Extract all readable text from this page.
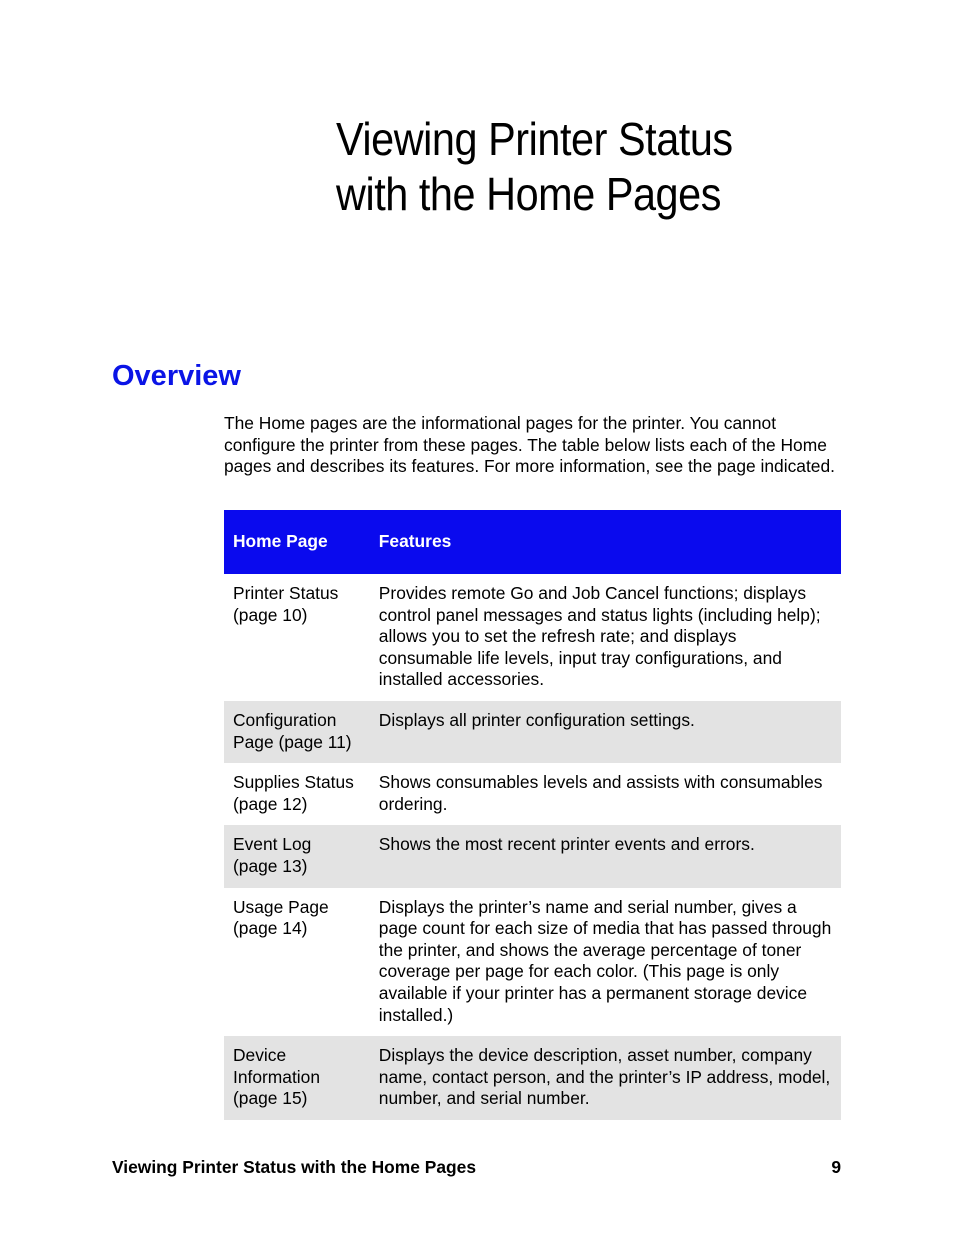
Viewing Printer Status
with the Home Pages
Overview

The Home pages are the informational pages for the printer. You cannot configure the printer from these pages. The table below lists each of the Home pages and describes its features. For more information, see the page indicated.

Home Page	Features

Printer Status
(page 10)	Provides remote Go and Job Cancel functions; displays control panel messages and status lights (including help); allows you to set the refresh rate; and displays consumable life levels, input tray configurations, and installed accessories.

Configuration
Page (page 11)	Displays all printer configuration settings.

Supplies Status
(page 12)	Shows consumables levels and assists with consumables ordering.

Event Log
(page 13)	Shows the most recent printer events and errors.

Usage Page
(page 14)	Displays the printer’s name and serial number, gives a page count for each size of media that has passed through the printer, and shows the average percentage of toner coverage per page for each color. (This page is only available if your printer has a permanent storage device installed.)

Device
Information
(page 15)	Displays the device description, asset number, company name, contact person, and the printer’s IP address, model, number, and serial number.
Viewing Printer Status with the Home Pages	9
